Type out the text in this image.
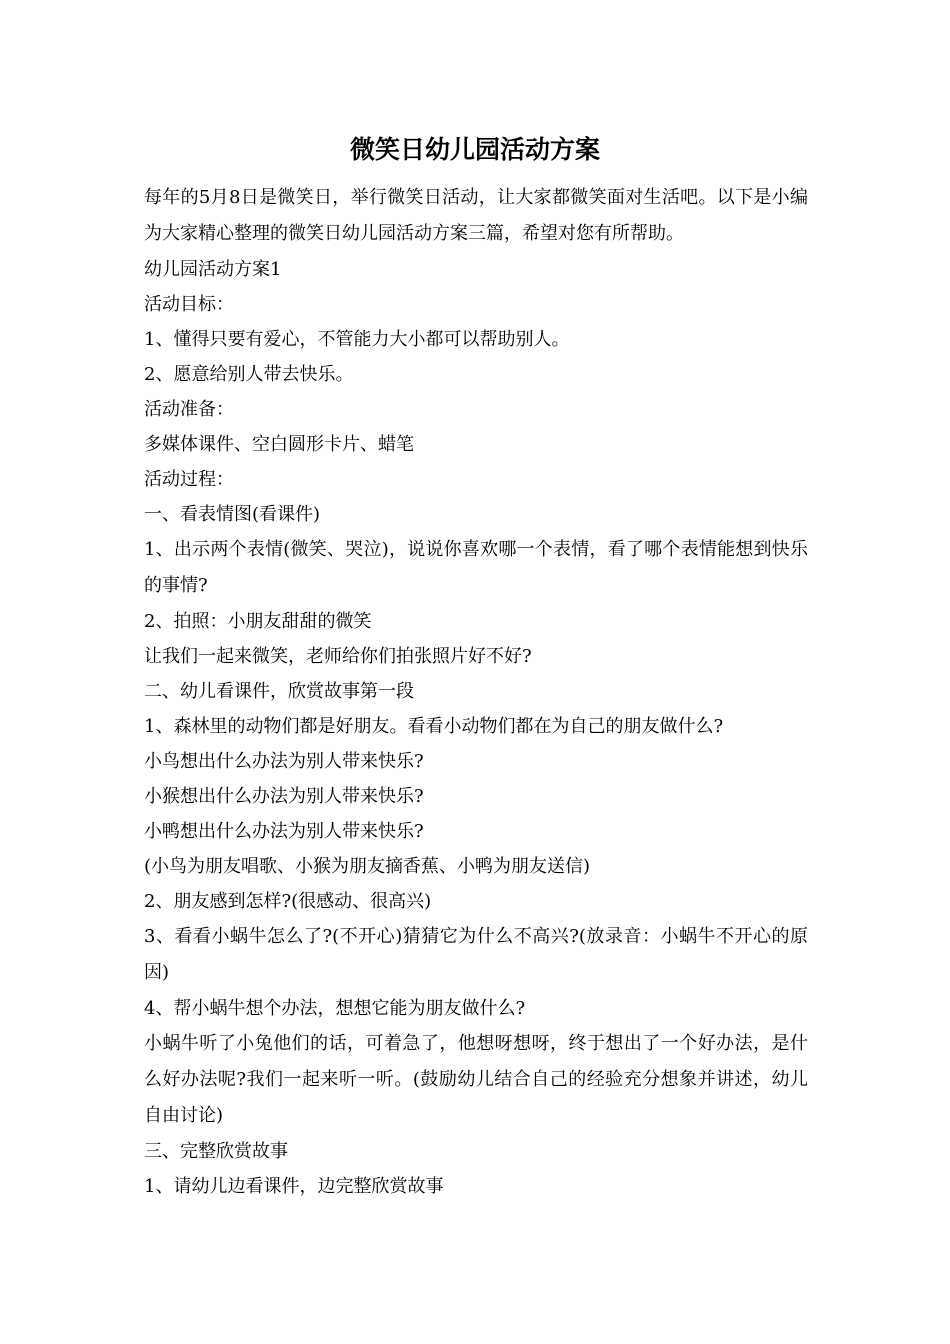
微笑日幼儿园活动方案

每年的5月8日是微笑日，举行微笑日活动，让大家都微笑面对生活吧。以下是小编为大家精心整理的微笑日幼儿园活动方案三篇，希望对您有所帮助。

幼儿园活动方案1

活动目标：

1、懂得只要有爱心，不管能力大小都可以帮助别人。

2、愿意给别人带去快乐。

活动准备：

多媒体课件、空白圆形卡片、蜡笔

活动过程：

一、看表情图(看课件)

1、出示两个表情(微笑、哭泣)，说说你喜欢哪一个表情，看了哪个表情能想到快乐的事情?

2、拍照：小朋友甜甜的微笑

让我们一起来微笑，老师给你们拍张照片好不好?

二、幼儿看课件，欣赏故事第一段

1、森林里的动物们都是好朋友。看看小动物们都在为自己的朋友做什么?

小鸟想出什么办法为别人带来快乐?

小猴想出什么办法为别人带来快乐?

小鸭想出什么办法为别人带来快乐?

(小鸟为朋友唱歌、小猴为朋友摘香蕉、小鸭为朋友送信)

2、朋友感到怎样?(很感动、很高兴)

3、看看小蜗牛怎么了?(不开心)猜猜它为什么不高兴?(放录音：小蜗牛不开心的原因)

4、帮小蜗牛想个办法，想想它能为朋友做什么?

小蜗牛听了小兔他们的话，可着急了，他想呀想呀，终于想出了一个好办法，是什么好办法呢?我们一起来听一听。(鼓励幼儿结合自己的经验充分想象并讲述，幼儿自由讨论)

三、完整欣赏故事

1、请幼儿边看课件，边完整欣赏故事
